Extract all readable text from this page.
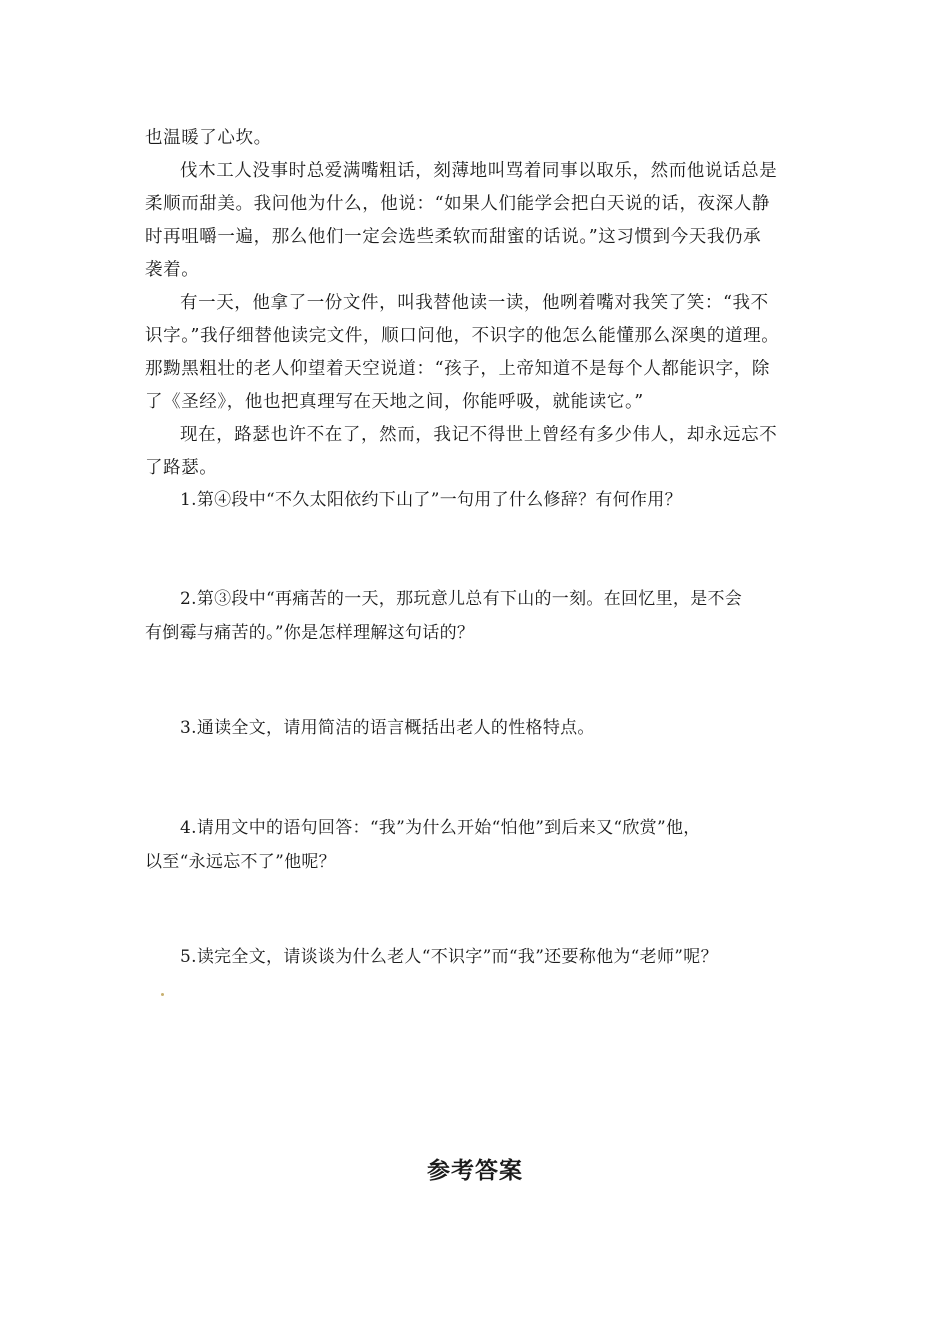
也温暖了心坎。
伐木工人没事时总爱满嘴粗话，刻薄地叫骂着同事以取乐，然而他说话总是
柔顺而甜美。我问他为什么，他说：“如果人们能学会把白天说的话，夜深人静
时再咀嚼一遍，那么他们一定会选些柔软而甜蜜的话说。”这习惯到今天我仍承
袭着。
有一天，他拿了一份文件，叫我替他读一读，他咧着嘴对我笑了笑：“我不
识字。”我仔细替他读完文件，顺口问他，不识字的他怎么能懂那么深奥的道理。
那黝黑粗壮的老人仰望着天空说道：“孩子，上帝知道不是每个人都能识字，除
了《圣经》，他也把真理写在天地之间，你能呼吸，就能读它。”
现在，路瑟也许不在了，然而，我记不得世上曾经有多少伟人，却永远忘不
了路瑟。
1.第④段中“不久太阳依约下山了”一句用了什么修辞？有何作用？
2.第③段中“再痛苦的一天，那玩意儿总有下山的一刻。在回忆里，是不会
有倒霉与痛苦的。”你是怎样理解这句话的？
3.通读全文，请用简洁的语言概括出老人的性格特点。
4.请用文中的语句回答：“我”为什么开始“怕他”到后来又“欣赏”他，
以至“永远忘不了”他呢？
5.读完全文，请谈谈为什么老人“不识字”而“我”还要称他为“老师”呢？
参考答案
